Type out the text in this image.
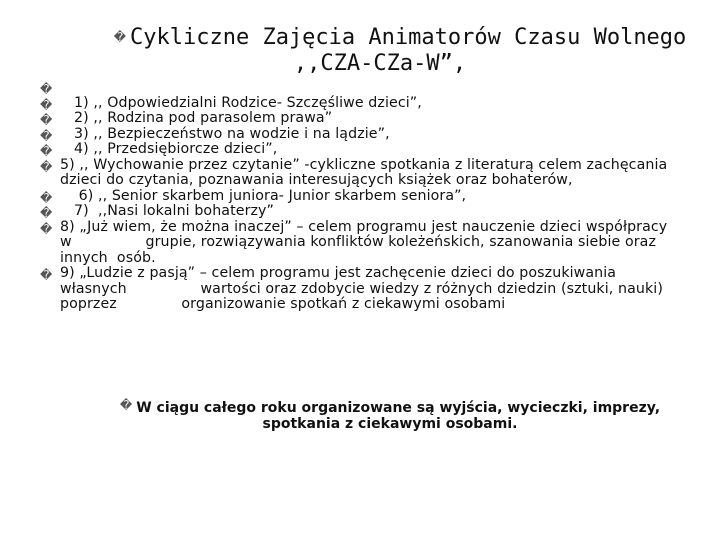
� Cykliczne Zajęcia Animatorów Czasu Wolnego
,,CZA-CZa-W”,
�
� 1) ,, Odpowiedzialni Rodzice- Szczęśliwe dzieci”,
� 2) ,, Rodzina pod parasolem prawa”
� 3) ,, Bezpieczeństwo na wodzie i na lądzie”,
� 4) ,, Przedsiębiorcze dzieci”,
� 5) ,, Wychowanie przez czytanie” -cykliczne spotkania z literaturą celem zachęcania     dzieci do czytania, poznawania interesujących książek oraz bohaterów,
� 6) ,, Senior skarbem juniora- Junior skarbem seniora”,
� 7)  ,,Nasi lokalni bohaterzy”
� 8) „Już wiem, że można inaczej” – celem programu jest nauczenie dzieci współpracy w                grupie, rozwiązywania konfliktów koleżeńskich, szanowania siebie oraz innych  osób.
� 9) „Ludzie z pasją” – celem programu jest zachęcenie dzieci do poszukiwania własnych                wartości oraz zdobycie wiedzy z różnych dziedzin (sztuki, nauki) poprzez              organizowanie spotkań z ciekawymi osobami
� W ciągu całego roku organizowane są wyjścia, wycieczki, imprezy, spotkania z ciekawymi osobami.
